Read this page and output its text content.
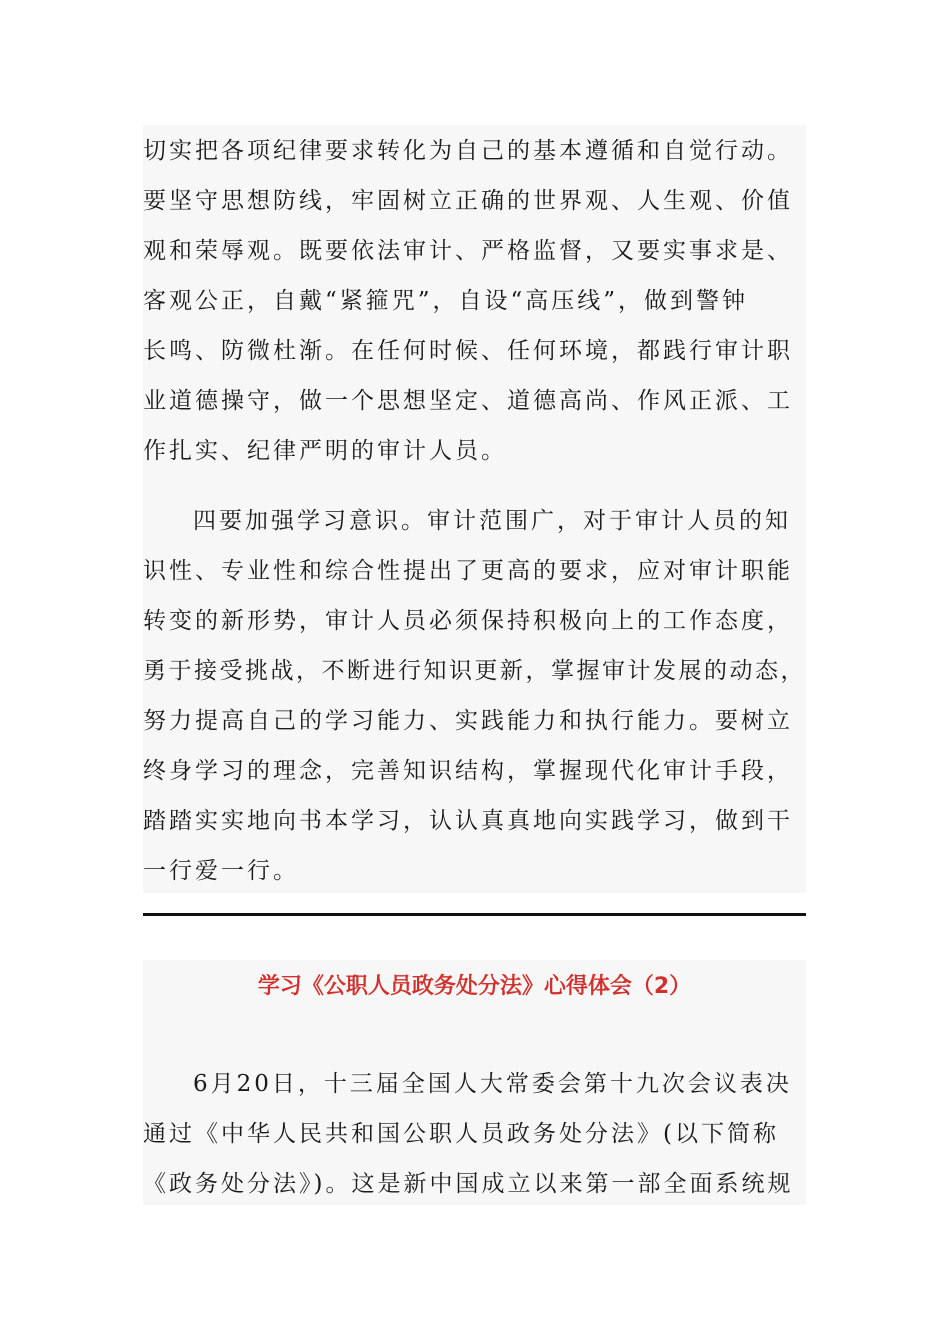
切实把各项纪律要求转化为自己的基本遵循和自觉行动。
要坚守思想防线，牢固树立正确的世界观、人生观、价值
观和荣辱观。既要依法审计、严格监督，又要实事求是、
客观公正，自戴“紧箍咒”，自设“高压线”，做到警钟
长鸣、防微杜渐。在任何时候、任何环境，都践行审计职
业道德操守，做一个思想坚定、道德高尚、作风正派、工
作扎实、纪律严明的审计人员。
四要加强学习意识。审计范围广，对于审计人员的知
识性、专业性和综合性提出了更高的要求，应对审计职能
转变的新形势，审计人员必须保持积极向上的工作态度，
勇于接受挑战，不断进行知识更新，掌握审计发展的动态，
努力提高自己的学习能力、实践能力和执行能力。要树立
终身学习的理念，完善知识结构，掌握现代化审计手段，
踏踏实实地向书本学习，认认真真地向实践学习，做到干
一行爱一行。
学习《公职人员政务处分法》心得体会（2）
6月20日，十三届全国人大常委会第十九次会议表决
通过《中华人民共和国公职人员政务处分法》(以下简称
《政务处分法》)。这是新中国成立以来第一部全面系统规
